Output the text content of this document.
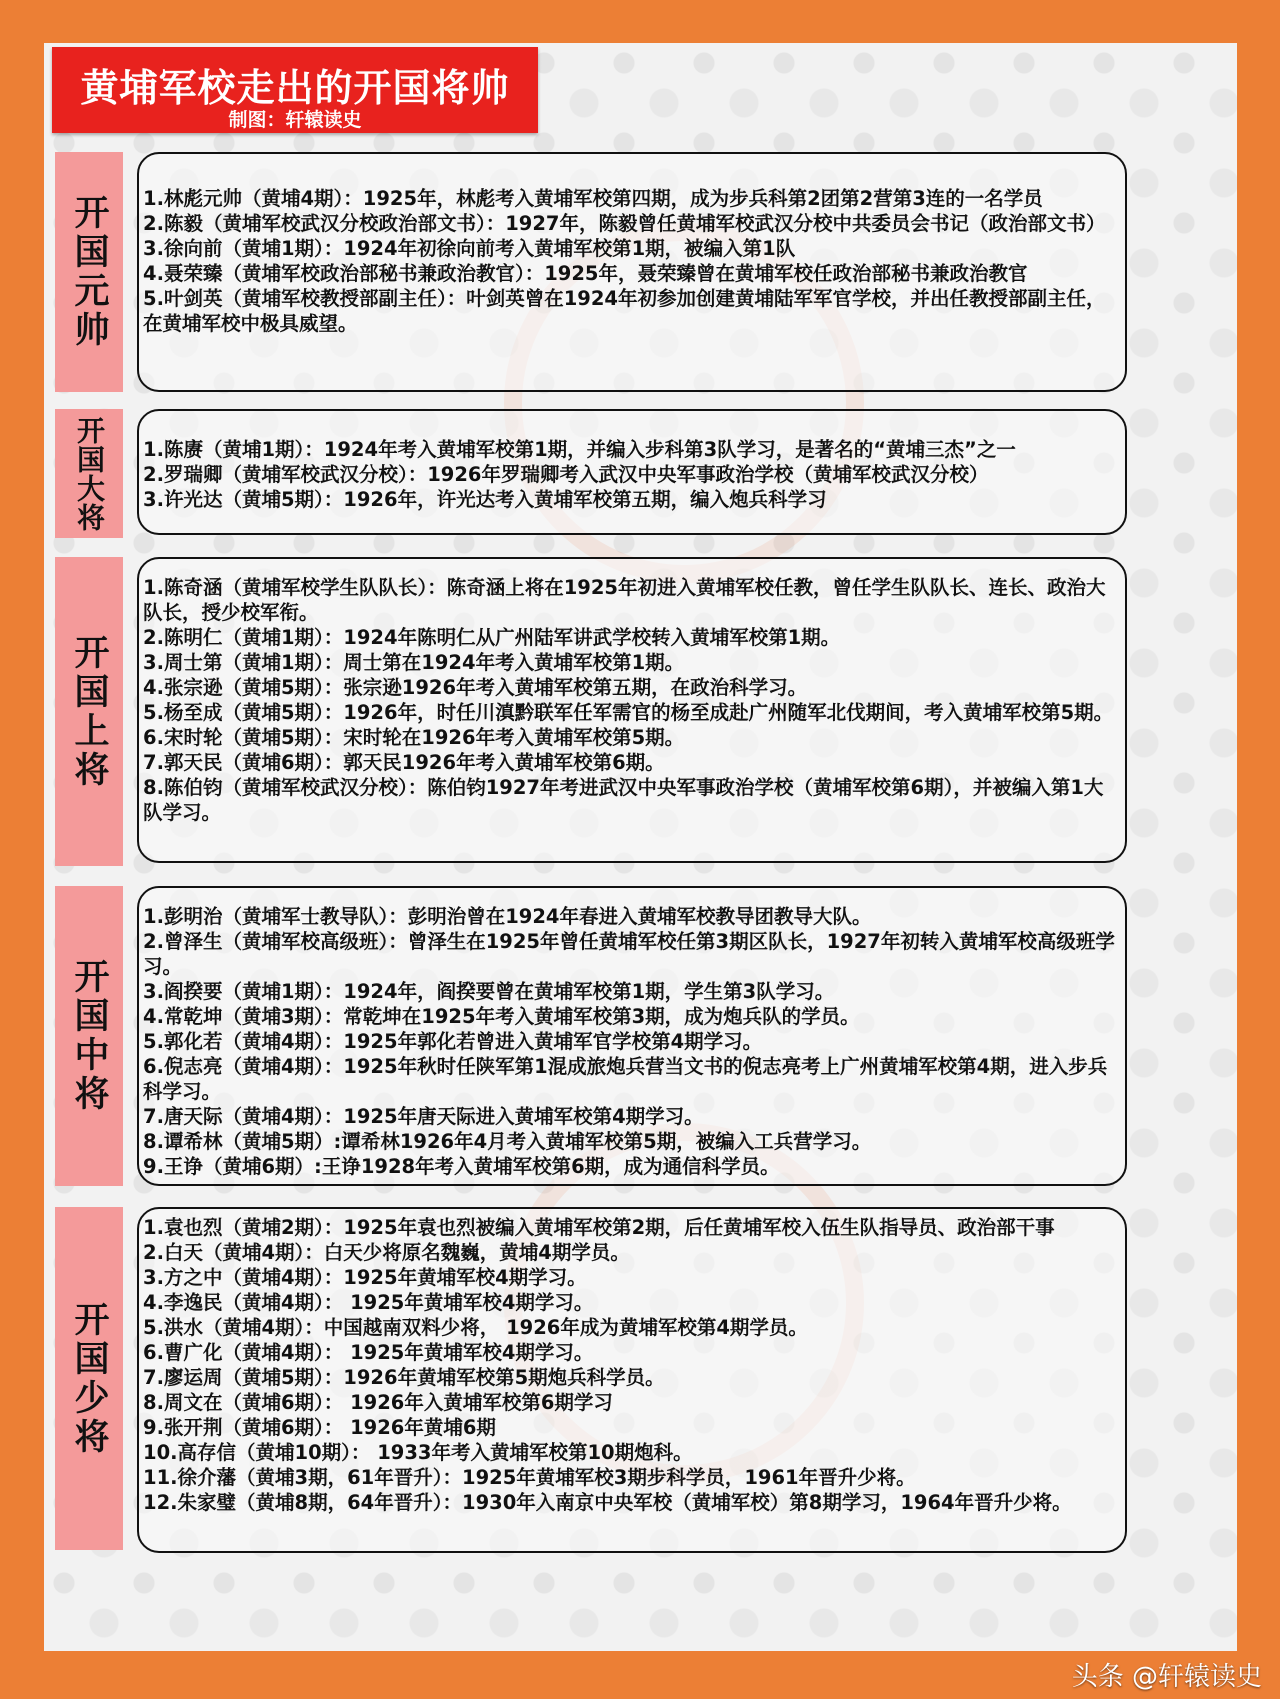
黄埔军校走出的开国将帅
制图：轩辕读史
开国元帅 1.林彪元帅（黄埔4期）：1925年，林彪考入黄埔军校第四期，成为步兵科第2团第2营第3连的一名学员
2.陈毅（黄埔军校武汉分校政治部文书）：1927年，陈毅曾任黄埔军校武汉分校中共委员会书记（政治部文书）
3.徐向前（黄埔1期）：1924年初徐向前考入黄埔军校第1期，被编入第1队
4.聂荣臻（黄埔军校政治部秘书兼政治教官）：1925年，聂荣臻曾在黄埔军校任政治部秘书兼政治教官
5.叶剑英（黄埔军校教授部副主任）：叶剑英曾在1924年初参加创建黄埔陆军军官学校，并出任教授部副主任，在黄埔军校中极具威望。
开国大将 1.陈赓（黄埔1期）：1924年考入黄埔军校第1期，并编入步科第3队学习，是著名的“黄埔三杰”之一
2.罗瑞卿（黄埔军校武汉分校）：1926年罗瑞卿考入武汉中央军事政治学校（黄埔军校武汉分校）
3.许光达（黄埔5期）：1926年，许光达考入黄埔军校第五期，编入炮兵科学习
开国上将
1.陈奇涵（黄埔军校学生队队长）：陈奇涵上将在1925年初进入黄埔军校任教，曾任学生队队长、连长、政治大队长，授少校军衔。
2.陈明仁（黄埔1期）：1924年陈明仁从广州陆军讲武学校转入黄埔军校第1期。
3.周士第（黄埔1期）：周士第在1924年考入黄埔军校第1期。
4.张宗逊（黄埔5期）：张宗逊1926年考入黄埔军校第五期，在政治科学习。
5.杨至成（黄埔5期）：1926年，时任川滇黔联军任军需官的杨至成赴广州随军北伐期间，考入黄埔军校第5期。
6.宋时轮（黄埔5期）：宋时轮在1926年考入黄埔军校第5期。
7.郭天民（黄埔6期）：郭天民1926年考入黄埔军校第6期。
8.陈伯钧（黄埔军校武汉分校）：陈伯钧1927年考进武汉中央军事政治学校（黄埔军校第6期），并被编入第1大队学习。
开国中将
1.彭明治（黄埔军士教导队）：彭明治曾在1924年春进入黄埔军校教导团教导大队。
2.曾泽生（黄埔军校高级班）：曾泽生在1925年曾任黄埔军校任第3期区队长，1927年初转入黄埔军校高级班学习。
3.阎揆要（黄埔1期）：1924年，阎揆要曾在黄埔军校第1期，学生第3队学习。
4.常乾坤（黄埔3期）：常乾坤在1925年考入黄埔军校第3期，成为炮兵队的学员。
5.郭化若（黄埔4期）：1925年郭化若曾进入黄埔军官学校第4期学习。
6.倪志亮（黄埔4期）：1925年秋时任陕军第1混成旅炮兵营当文书的倪志亮考上广州黄埔军校第4期，进入步兵科学习。
7.唐天际（黄埔4期）：1925年唐天际进入黄埔军校第4期学习。
8.谭希林（黄埔5期）:谭希林1926年4月考入黄埔军校第5期，被编入工兵营学习。
9.王诤（黄埔6期）:王诤1928年考入黄埔军校第6期，成为通信科学员。
开国少将
1.袁也烈（黄埔2期）：1925年袁也烈被编入黄埔军校第2期，后任黄埔军校入伍生队指导员、政治部干事
2.白天（黄埔4期）：白天少将原名魏巍，黄埔4期学员。
3.方之中（黄埔4期）：1925年黄埔军校4期学习。
4.李逸民（黄埔4期）： 1925年黄埔军校4期学习。
5.洪水（黄埔4期）：中国越南双料少将， 1926年成为黄埔军校第4期学员。
6.曹广化（黄埔4期）： 1925年黄埔军校4期学习。
7.廖运周（黄埔5期）：1926年黄埔军校第5期炮兵科学员。
8.周文在（黄埔6期）： 1926年入黄埔军校第6期学习
9.张开荆（黄埔6期）： 1926年黄埔6期
10.高存信（黄埔10期）： 1933年考入黄埔军校第10期炮科。
11.徐介藩（黄埔3期，61年晋升）：1925年黄埔军校3期步科学员，1961年晋升少将。
12.朱家璧（黄埔8期，64年晋升）：1930年入南京中央军校（黄埔军校）第8期学习，1964年晋升少将。
头条 @轩辕读史
